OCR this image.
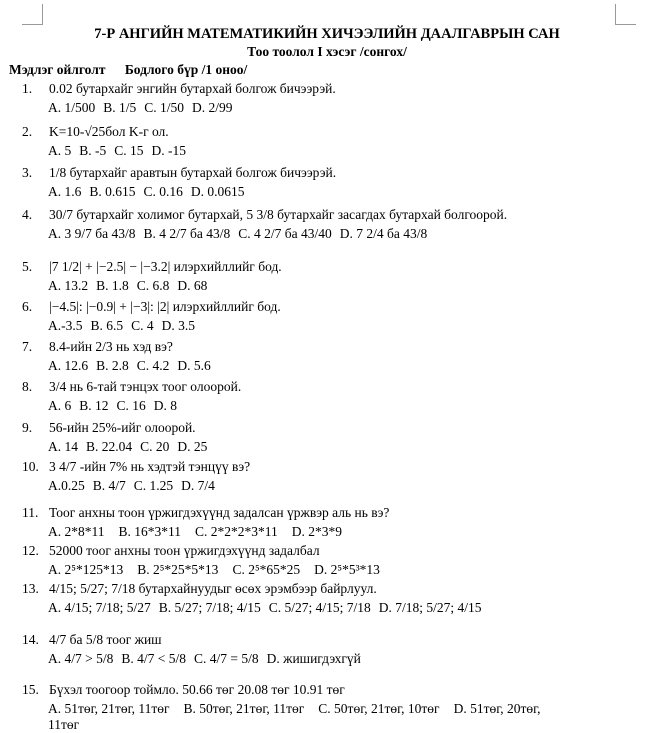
7-Р АНГИЙН МАТЕМАТИКИЙН ХИЧЭЭЛИЙН ДААЛГАВРЫН САН
Тоо тоолол I хэсэг /сонгох/
Мэдлэг ойлголт Бодлого бүр /1 оноо/
1. 0.02 бутархайг энгийн бутархай болгож бичээрэй.
A. 1/500 B. 1/5 C. 1/50 D. 2/99
2. K=10-√25бол K-г ол.
A. 5 B. -5 C. 15 D. -15
3. 1/8 бутархайг аравтын бутархай болгож бичээрэй.
A. 1.6 B. 0.615 C. 0.16 D. 0.0615
4. 30/7 бутархайг холимог бутархай, 5 3/8 бутархайг засагдах бутархай болгоорой.
A. 3 9/7 ба 43/8 B. 4 2/7 ба 43/8 C. 4 2/7 ба 43/40 D. 7 2/4 ба 43/8
5. |7 1/2| + |−2.5| − |−3.2| илэрхийллийг бод.
A. 13.2 B. 1.8 C. 6.8 D. 68
6. |−4.5|: |−0.9| + |−3|: |2| илэрхийллийг бод.
A.-3.5 B. 6.5 C. 4 D. 3.5
7. 8.4-ийн 2/3 нь хэд вэ?
A. 12.6 B. 2.8 C. 4.2 D. 5.6
8. 3/4 нь 6-тай тэнцэх тоог олоорой.
A. 6 B. 12 C. 16 D. 8
9. 56-ийн 25%-ийг олоорой.
A. 14 B. 22.04 C. 20 D. 25
10. 3 4/7 -ийн 7% нь хэдтэй тэнцүү вэ?
A.0.25 B. 4/7 C. 1.25 D. 7/4
11. Тоог анхны тоон үржигдэхүүнд задалсан үржвэр аль нь вэ?
A. 2*8*11 B. 16*3*11 C. 2*2*2*3*11 D. 2*3*9
12. 52000 тоог анхны тоон үржигдэхүүнд задалбал
A. 2⁵*125*13 B. 2⁵*25*5*13 C. 2⁵*65*25 D. 2⁵*5³*13
13. 4/15; 5/27; 7/18 бутархайнуудыг өсөх эрэмбээр байрлуул.
A. 4/15; 7/18; 5/27 B. 5/27; 7/18; 4/15 C. 5/27; 4/15; 7/18 D. 7/18; 5/27; 4/15
14. 4/7 ба 5/8 тоог жиш
A. 4/7 > 5/8 B. 4/7 < 5/8 C. 4/7 = 5/8 D. жишигдэхгүй
15. Бүхэл тоогоор тоймло. 50.66 төг 20.08 төг 10.91 төг
A. 51төг, 21төг, 11төг B. 50төг, 21төг, 11төг C. 50төг, 21төг, 10төг D. 51төг, 20төг,
11төг
